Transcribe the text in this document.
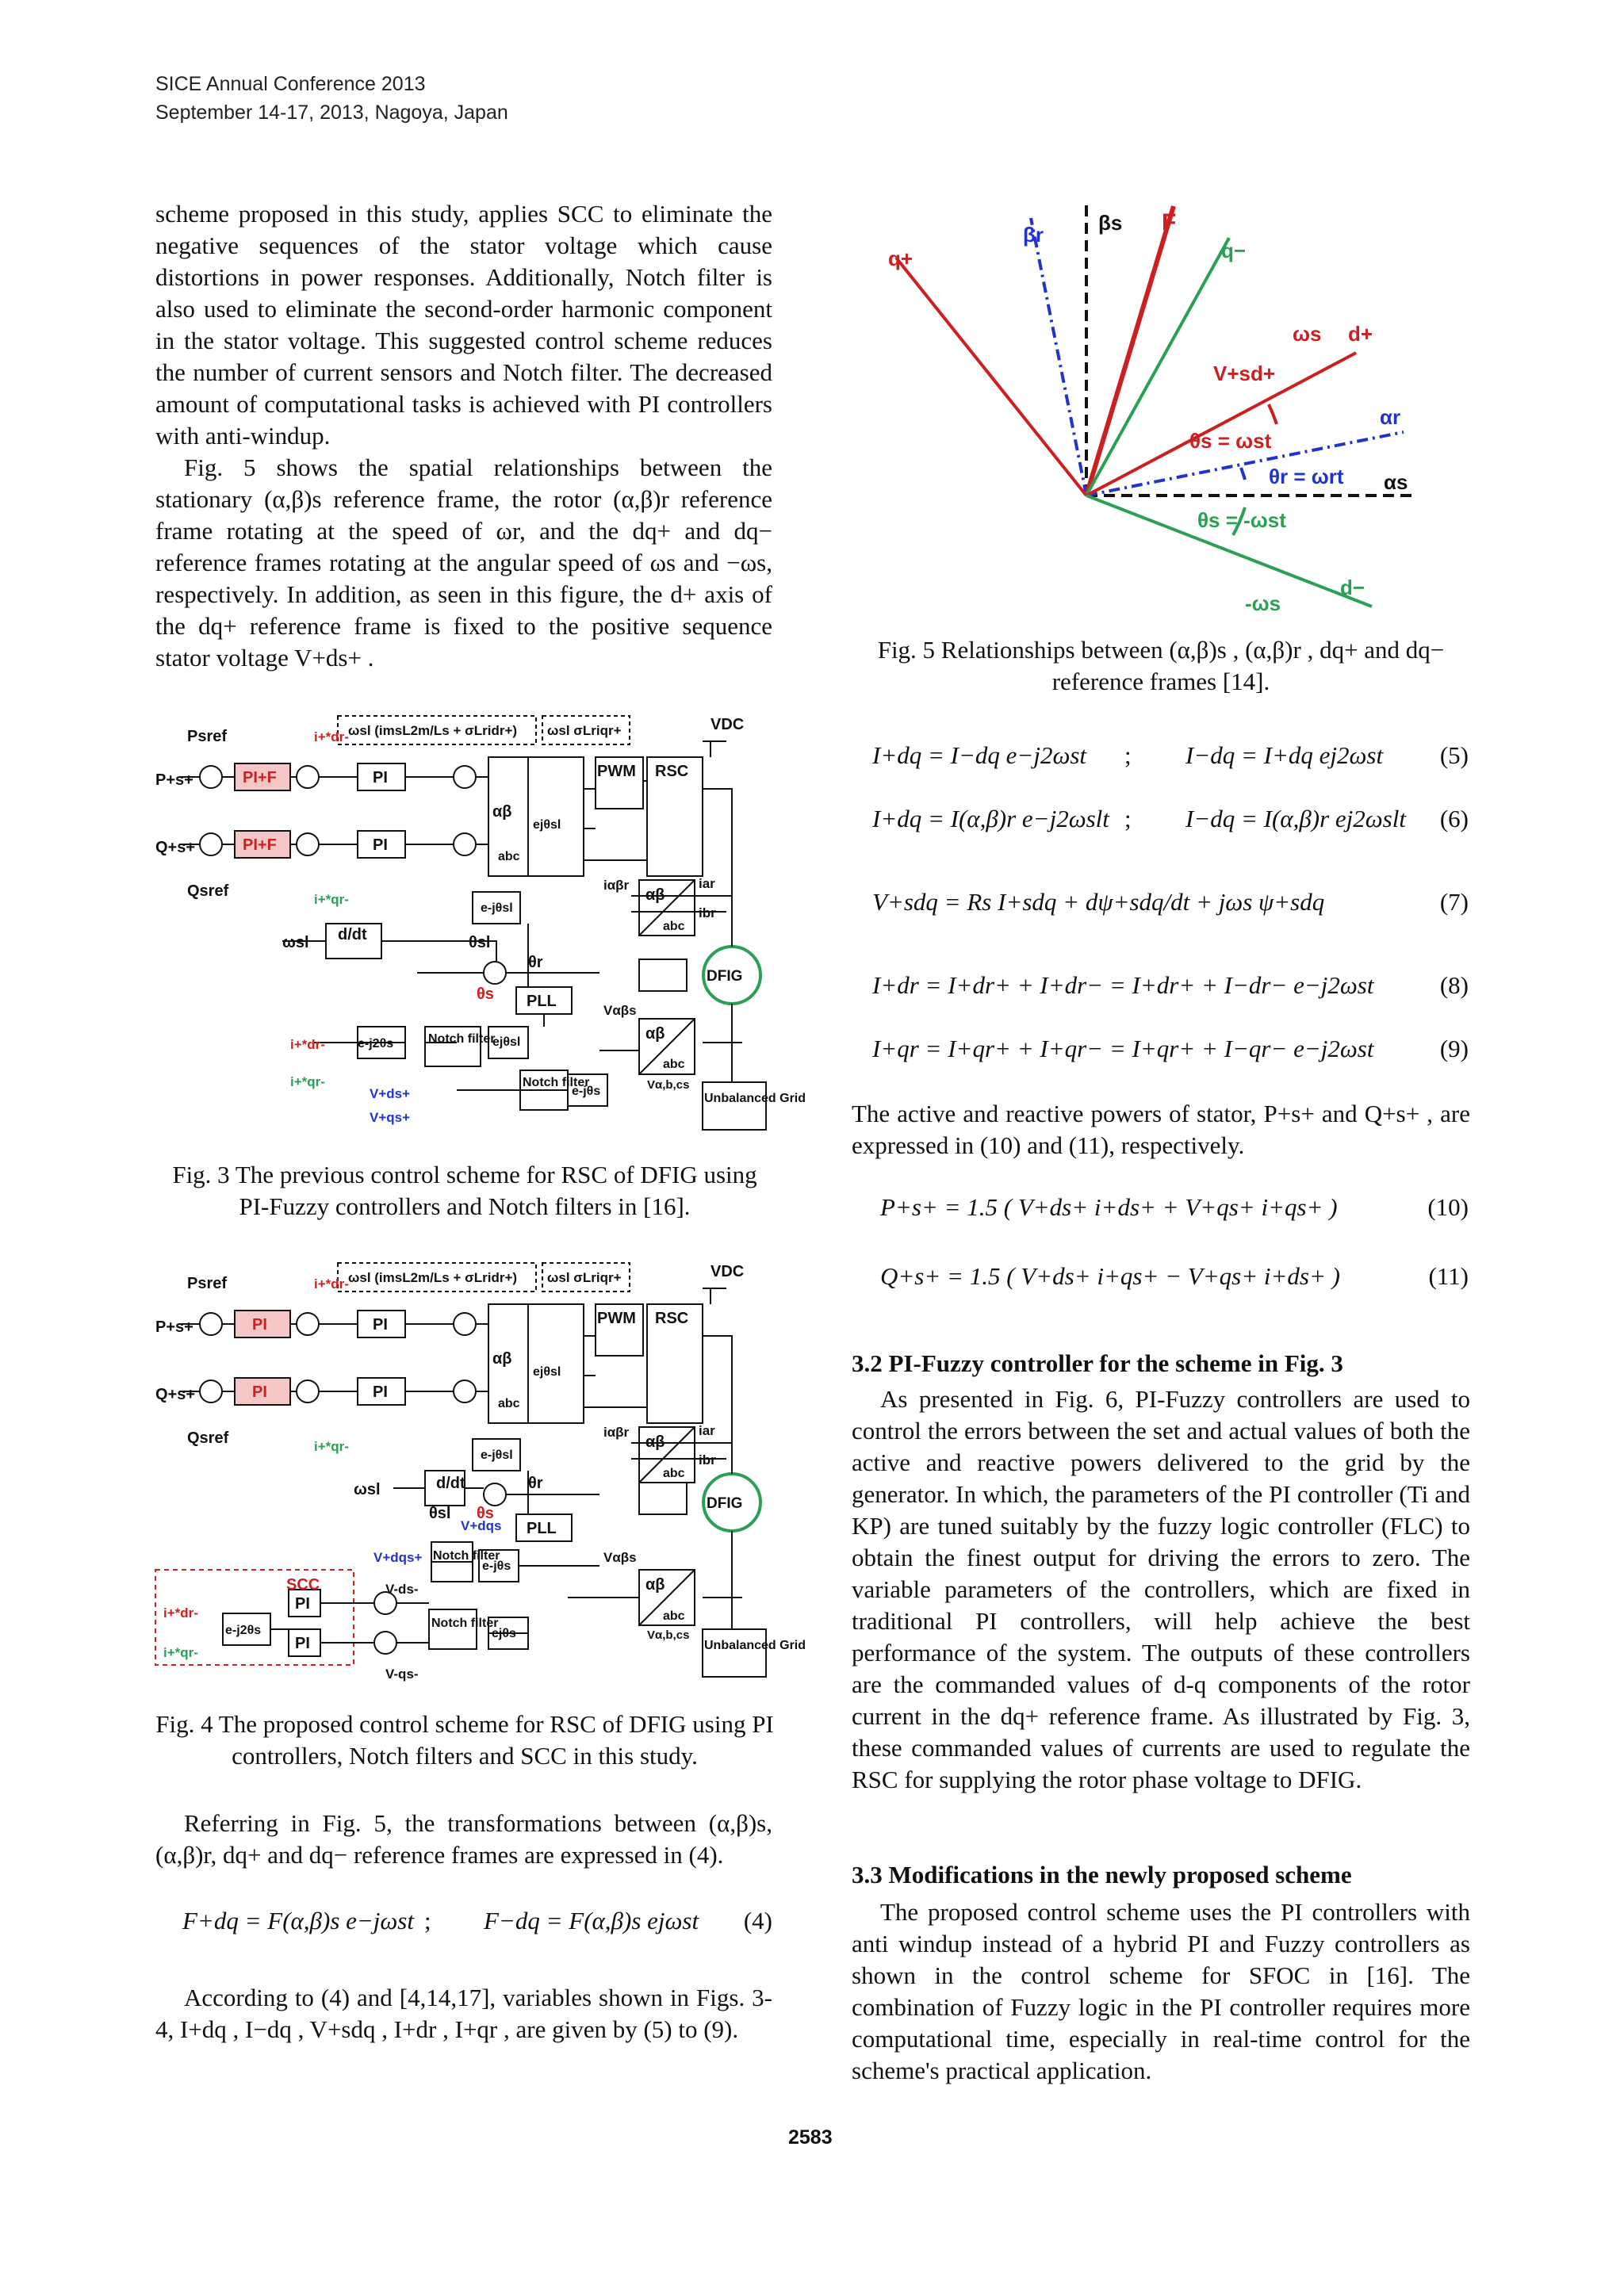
SICE Annual Conference 2013
September 14-17, 2013, Nagoya, Japan

scheme proposed in this study, applies SCC to eliminate the negative sequences of the stator voltage which cause distortions in power responses. Additionally, Notch filter is also used to eliminate the second-order harmonic component in the stator voltage. This suggested control scheme reduces the number of current sensors and Notch filter. The decreased amount of computational tasks is achieved with PI controllers with anti-windup.

Fig. 5 shows the spatial relationships between the stationary (α,β)s reference frame, the rotor (α,β)r reference frame rotating at the speed of ωr, and the dq+ and dq− reference frames rotating at the angular speed of ωs and −ωs, respectively. In addition, as seen in this figure, the d+ axis of the dq+ reference frame is fixed to the positive sequence stator voltage V+ds+ .

ωsl (imsL2m/Ls + σLridr+) ωsl σLriqr+
Psref
P+s+
Q+s+
Qsref
PI+F
PI+F
PI
PI
PWM RSC
VDC
DFIG
Unbalanced Grid
αβ
abc
αβ
abc
αβ
abc
e-jθsl
ejθsl
d/dt
ωsl
PLL
e-j2θs	Notch filter
Notch filter
e-jθs
ejθsl
i+*dr-
i+*qr-
i+*dr-
i+*qr-
V+ds+
V+qs+
θs
θr
θsl
iαβr	iar
ibr
Vαβs
Vα,b,cs
Fig. 3 The previous control scheme for RSC of DFIG using PI-Fuzzy controllers and Notch filters in [16].
ωsl (imsL2m/Ls + σLridr+) ωsl σLriqr+
Psref
P+s+
Q+s+
Qsref
PI
PI
PI
PI
PWM RSC
VDC
DFIG
Unbalanced Grid
αβ
abc
αβ
abc
αβ
abc
e-jθsl
ejθsl
d/dt
ωsl
PLL
SCC
PI
PI
e-j2θs
Notch filter
Notch filter
e-jθs
ejθs
i+*dr-
i+*qr-
i+*dr-
i+*qr-
V+dqs
V+dqs+
V-ds-
V-qs-
θs
θr
θsl
iαβr	iar
ibr
Vαβs
Vα,b,cs
Fig. 4 The proposed control scheme for RSC of DFIG using PI controllers, Notch filters and SCC in this study.

Referring in Fig. 5, the transformations between (α,β)s, (α,β)r, dq+ and dq− reference frames are expressed in (4).

F+dq = F(α,β)s e−jωst ; F−dq = F(α,β)s ejωst (4)

According to (4) and [4,14,17], variables shown in Figs. 3-4, I+dq , I−dq , V+sdq , I+dr , I+qr , are given by (5) to (9).

βs F
βr
q+	q−
d+
ωs
V+sd+
αr
θs = ωst
θr = ωrt αs
θs = -ωst
-ωs
d−
Fig. 5 Relationships between (α,β)s , (α,β)r , dq+ and dq− reference frames [14].
I+dq = I−dq e−j2ωst ; I−dq = I+dq ej2ωst (5)
I+dq = I(α,β)r e−j2ωslt ; I−dq = I(α,β)r ej2ωslt (6)
V+sdq = Rs I+sdq + dψ+sdq/dt + jωs ψ+sdq	(7)
I+dr = I+dr+ + I+dr− = I+dr+ + I−dr− e−j2ωst	(8)
I+qr = I+qr+ + I+qr− = I+qr+ + I−qr− e−j2ωst	(9)

The active and reactive powers of stator, P+s+ and Q+s+ , are expressed in (10) and (11), respectively.

P+s+ = 1.5 ( V+ds+ i+ds+ + V+qs+ i+qs+ )	(10)
Q+s+ = 1.5 ( V+ds+ i+qs+ − V+qs+ i+ds+ )	(11)
3.2 PI-Fuzzy controller for the scheme in Fig. 3

As presented in Fig. 6, PI-Fuzzy controllers are used to control the errors between the set and actual values of both the active and reactive powers delivered to the grid by the generator. In which, the parameters of the PI controller (Ti and KP) are tuned suitably by the fuzzy logic controller (FLC) to obtain the finest output for driving the errors to zero. The variable parameters of the controllers, which are fixed in traditional PI controllers, will help achieve the best performance of the system. The outputs of these controllers are the commanded values of d-q components of the rotor current in the dq+ reference frame. As illustrated by Fig. 3, these commanded values of currents are used to regulate the RSC for supplying the rotor phase voltage to DFIG.

3.3 Modifications in the newly proposed scheme

The proposed control scheme uses the PI controllers with anti windup instead of a hybrid PI and Fuzzy controllers as shown in the control scheme for SFOC in [16]. The combination of Fuzzy logic in the PI controller requires more computational time, especially in real-time control for the scheme's practical application.

2583
